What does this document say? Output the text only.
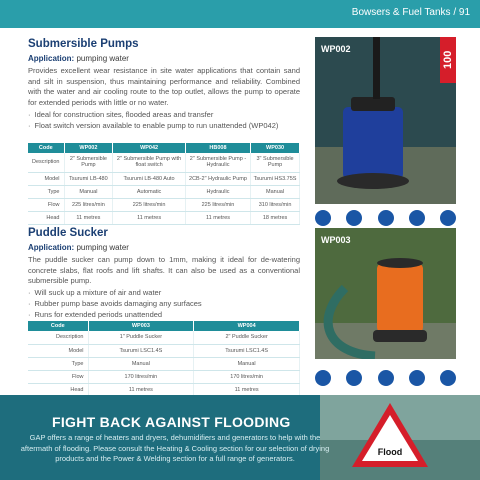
Bowsers & Fuel Tanks / 91
Submersible Pumps
Application: pumping water
Provides excellent wear resistance in site water applications that contain sand and silt in suspension, thus maintaining performance and reliability. Combined with the water and air cooling route to the top outlet, allows the pump to operate for extended periods with little or no water.
· Ideal for construction sites, flooded areas and transfer
· Float switch version available to enable pump to run unattended (WP042)
Code	WP002	WP042	HB008	WP030
Description	2" Submersible Pump	2" Submersible Pump with float switch	2" Submersible Pump - Hydraulic	3" Submersible Pump
Model	Tsurumi LB-480	Tsurumi LB-480 Auto	2CB-2" Hydraulic Pump	Tsurumi HS3.75S
Type	Manual	Automatic	Hydraulic	Manual
Flow	225 litres/min	225 litres/min	225 litres/min	310 litres/min
Head	11 metres	11 metres	11 metres	18 metres
WP002
100
Puddle Sucker
Application: pumping water
The puddle sucker can pump down to 1mm, making it ideal for de-watering concrete slabs, flat roofs and lift shafts. It can also be used as a conventional submersible pump.
· Will suck up a mixture of air and water
· Rubber pump base avoids damaging any surfaces
· Runs for extended periods unattended
Code	WP003	WP004
Description	1" Puddle Sucker	2" Puddle Sucker
Model	Tsurumi LSC1.4S	Tsurumi LSC1.4S
Type	Manual	Manual
Flow	170 litres/min	170 litres/min
Head	11 metres	11 metres
WP003
Flood
FIGHT BACK AGAINST FLOODING

GAP offers a range of heaters and dryers, dehumidifiers and generators to help with the aftermath of flooding. Please consult the Heating & Cooling section for our selection of drying products and the Power & Welding section for a full range of generators.
